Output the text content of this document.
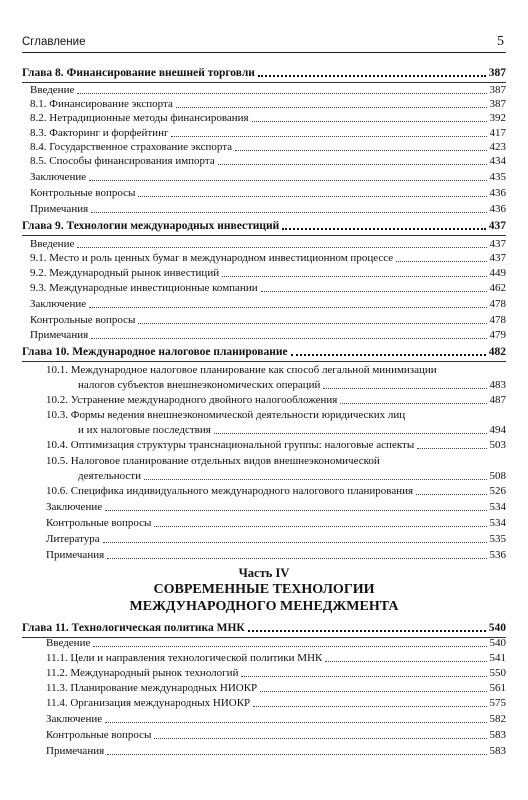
Сглавление	5
Глава 8. Финансирование внешней торговли	387
Введение	387
8.1. Финансирование экспорта	387
8.2. Нетрадиционные методы финансирования	392
8.3. Факторинг и форфейтинг	417
8.4. Государственное страхование экспорта	423
8.5. Способы финансирования импорта	434
Заключение	435
Контрольные вопросы	436
Примечания	436
Глава 9. Технологии международных инвестиций	437
Введение	437
9.1. Место и роль ценных бумаг в международном инвестиционном процессе	437
9.2. Международный рынок инвестиций	449
9.3. Международные инвестиционные компании	462
Заключение	478
Контрольные вопросы	478
Примечания	479
Глава 10. Международное налоговое планирование	482
10.1. Международное налоговое планирование как способ легальной минимизации
налогов субъектов внешнеэкономических операций	483
10.2. Устранение международного двойного налогообложения	487
10.3. Формы ведения внешнеэкономической деятельности юридических лиц
и их налоговые последствия	494
10.4. Оптимизация структуры транснациональной группы: налоговые аспекты	503
10.5. Налоговое планирование отдельных видов внешнеэкономической
деятельности	508
10.6. Специфика индивидуального международного налогового планирования	526
Заключение	534
Контрольные вопросы	534
Литература	535
Примечания	536
Часть IV
СОВРЕМЕННЫЕ ТЕХНОЛОГИИ
МЕЖДУНАРОДНОГО МЕНЕДЖМЕНТА
Глава 11. Технологическая политика МНК	540
Введение	540
11.1. Цели и направления технологической политики МНК	541
11.2. Международный рынок технологий	550
11.3. Планирование международных НИОКР	561
11.4. Организация международных НИОКР	575
Заключение	582
Контрольные вопросы	583
Примечания	583
